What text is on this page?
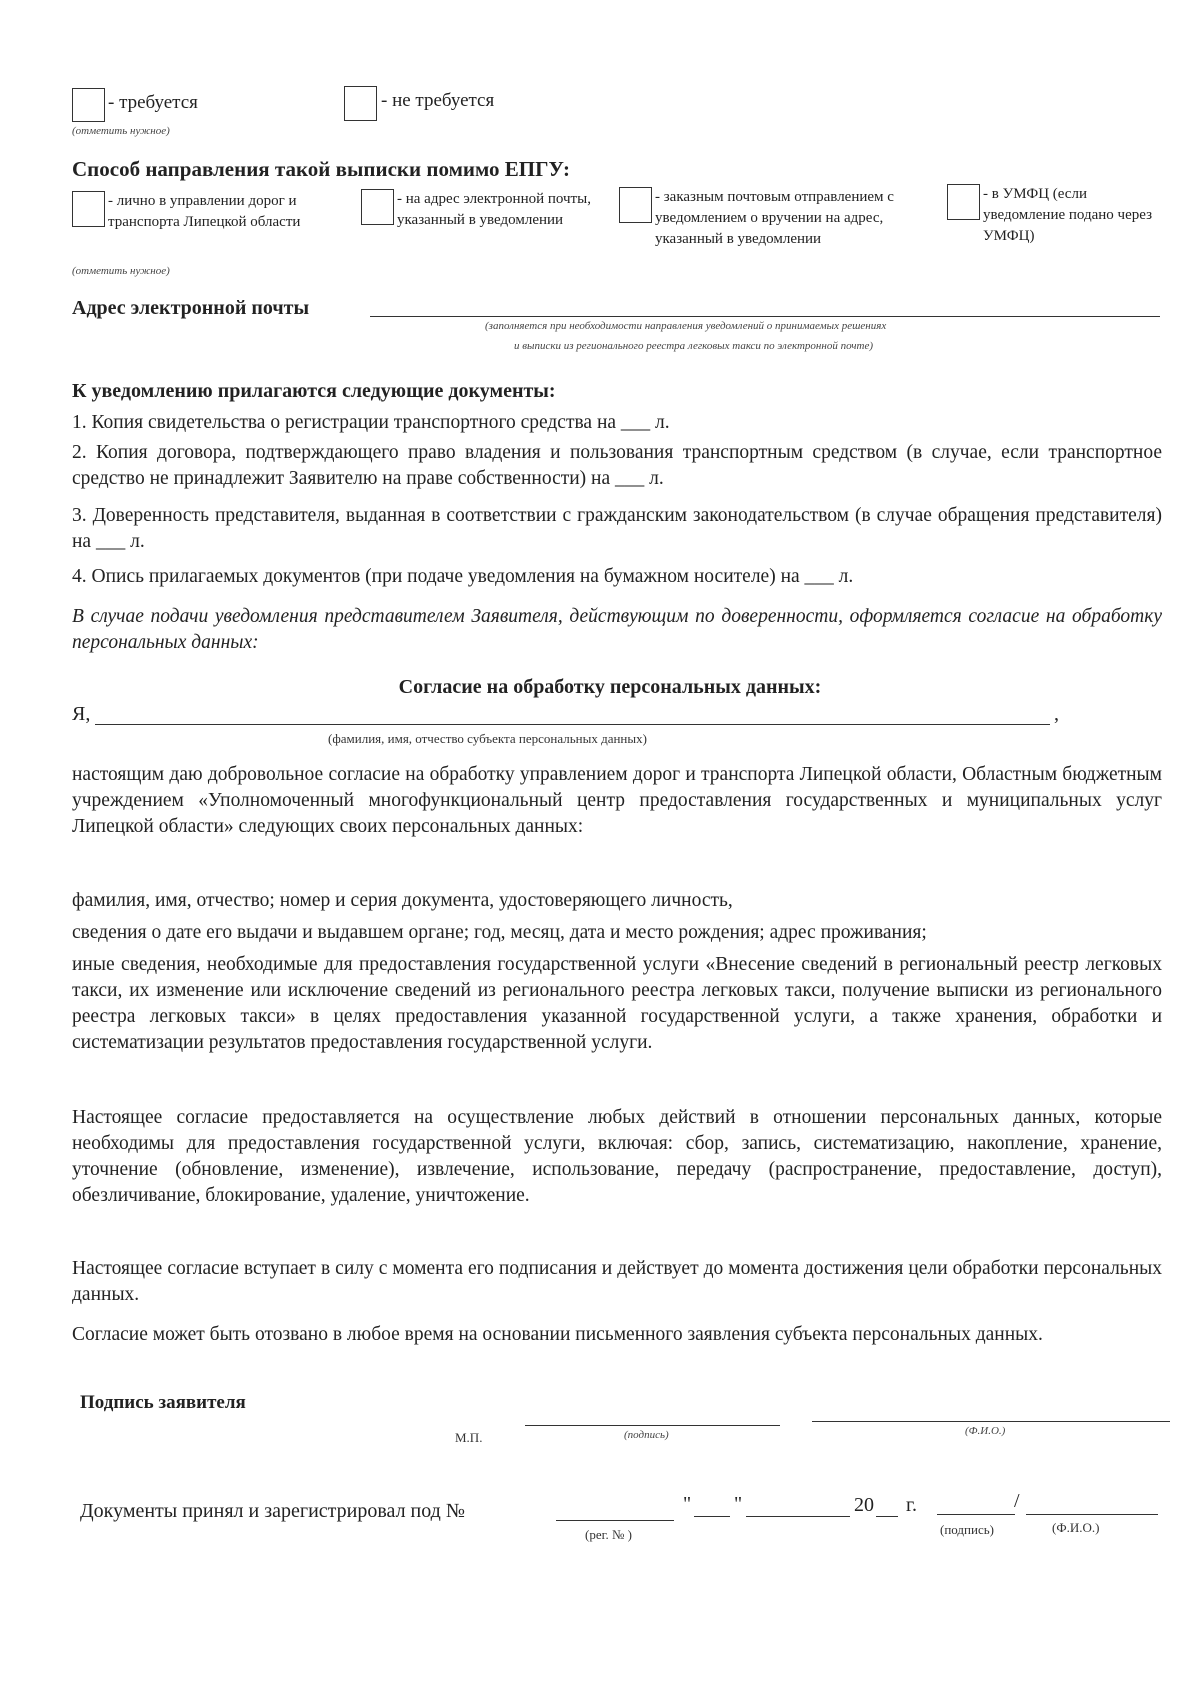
- требуется	- не требуется
(отметить нужное)
Способ направления такой выписки помимо ЕПГУ:
- лично в управлении дорог и транспорта Липецкой области
- на адрес электронной почты, указанный в уведомлении
- заказным почтовым отправлением с уведомлением о вручении на адрес, указанный в уведомлении
- в УМФЦ (если уведомление подано через УМФЦ)
(отметить нужное)
Адрес электронной почты
(заполняется при необходимости направления уведомлений о принимаемых решениях
и выписки из регионального реестра легковых такси по электронной почте)
К уведомлению прилагаются следующие документы:
1. Копия свидетельства о регистрации транспортного средства на ___ л.
2. Копия договора, подтверждающего право владения и пользования транспортным средством (в случае, если транспортное средство не принадлежит Заявителю на праве собственности) на ___ л.
3. Доверенность представителя, выданная в соответствии с гражданским законодательством (в случае обращения представителя) на ___ л.
4. Опись прилагаемых документов (при подаче уведомления на бумажном носителе) на ___ л.
В случае подачи уведомления представителем Заявителя, действующим по доверенности, оформляется согласие на обработку персональных данных:
Согласие на обработку персональных данных:
Я,	,
(фамилия, имя, отчество субъекта персональных данных)
настоящим даю добровольное согласие на обработку управлением дорог и транспорта Липецкой области, Областным бюджетным учреждением «Уполномоченный многофункциональный центр предоставления государственных и муниципальных услуг Липецкой области» следующих своих персональных данных:
фамилия, имя, отчество; номер и серия документа, удостоверяющего личность,
сведения о дате его выдачи и выдавшем органе; год, месяц, дата и место рождения; адрес проживания;
иные сведения, необходимые для предоставления государственной услуги «Внесение сведений в региональный реестр легковых такси, их изменение или исключение сведений из регионального реестра легковых такси, получение выписки из регионального реестра легковых такси» в целях предоставления указанной государственной услуги, а также хранения, обработки и систематизации результатов предоставления государственной услуги.
Настоящее согласие предоставляется на осуществление любых действий в отношении персональных данных, которые необходимы для предоставления государственной услуги, включая: сбор, запись, систематизацию, накопление, хранение, уточнение (обновление, изменение), извлечение, использование, передачу (распространение, предоставление, доступ), обезличивание, блокирование, удаление, уничтожение.
Настоящее согласие вступает в силу с момента его подписания и действует до момента достижения цели обработки персональных данных.
Согласие может быть отозвано в любое время на основании письменного заявления субъекта персональных данных.
Подпись заявителя
М.П.	(подпись)	(Ф.И.О.)
Документы принял и зарегистрировал под №
(рег. № )
" "	20 г.	/
(подпись)	(Ф.И.О.)
